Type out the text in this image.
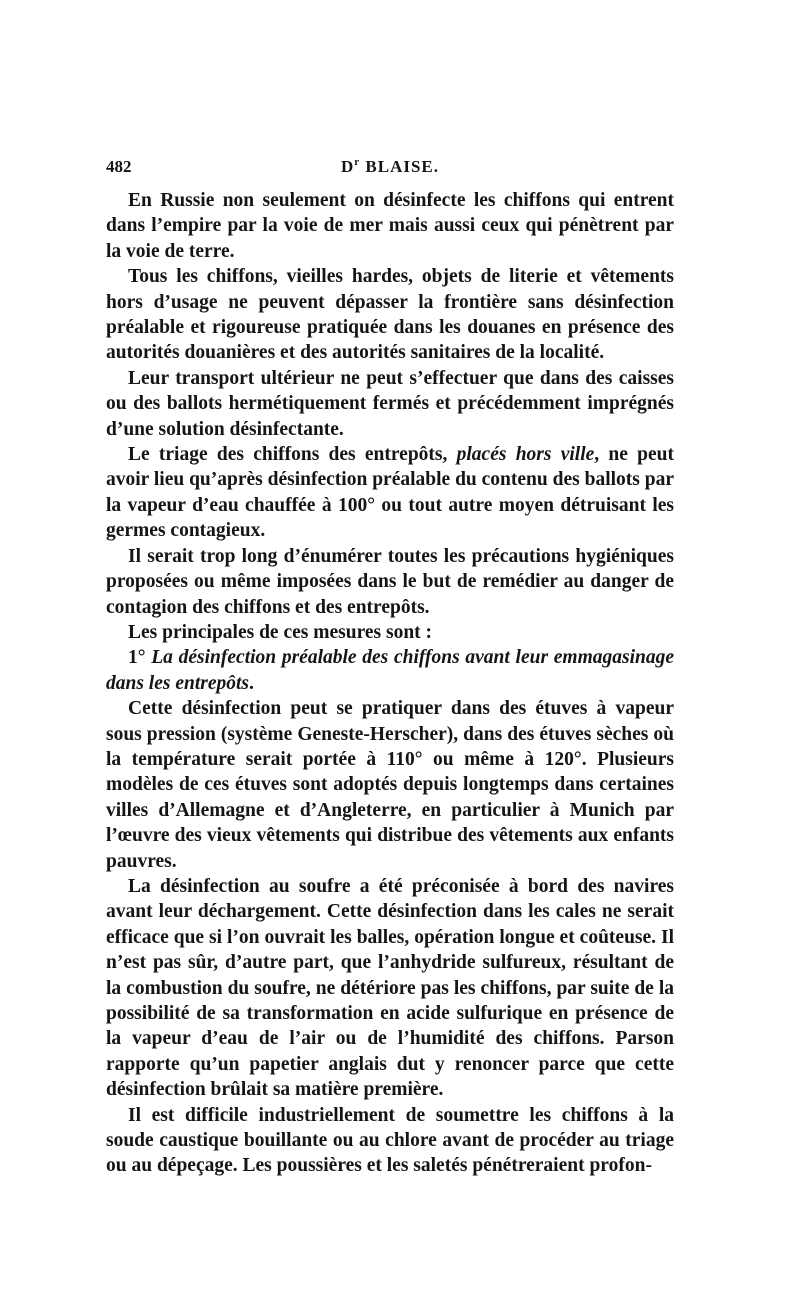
482	$D^r$ BLAISE.

En Russie non seulement on désinfecte les chiffons qui entrent dans l’empire par la voie de mer mais aussi ceux qui pénètrent par la voie de terre.

Tous les chiffons, vieilles hardes, objets de literie et vêtements hors d’usage ne peuvent dépasser la frontière sans désinfection préalable et rigoureuse pratiquée dans les douanes en présence des autorités douanières et des autorités sanitaires de la localité.

Leur transport ultérieur ne peut s’effectuer que dans des caisses ou des ballots hermétiquement fermés et précédemment imprégnés d’une solution désinfectante.

Le triage des chiffons des entrepôts, placés hors ville, ne peut avoir lieu qu’après désinfection préalable du contenu des ballots par la vapeur d’eau chauffée à 100° ou tout autre moyen détruisant les germes contagieux.

Il serait trop long d’énumérer toutes les précautions hygiéniques proposées ou même imposées dans le but de remédier au danger de contagion des chiffons et des entrepôts.

Les principales de ces mesures sont :

1° La désinfection préalable des chiffons avant leur emmagasinage dans les entrepôts.

Cette désinfection peut se pratiquer dans des étuves à vapeur sous pression (système Geneste-Herscher), dans des étuves sèches où la température serait portée à 110° ou même à 120°. Plusieurs modèles de ces étuves sont adoptés depuis longtemps dans certaines villes d’Allemagne et d’Angleterre, en particulier à Munich par l’œuvre des vieux vêtements qui distribue des vêtements aux enfants pauvres.

La désinfection au soufre a été préconisée à bord des navires avant leur déchargement. Cette désinfection dans les cales ne serait efficace que si l’on ouvrait les balles, opération longue et coûteuse. Il n’est pas sûr, d’autre part, que l’anhydride sulfureux, résultant de la combustion du soufre, ne détériore pas les chiffons, par suite de la possibilité de sa transformation en acide sulfurique en présence de la vapeur d’eau de l’air ou de l’humidité des chiffons. Parson rapporte qu’un papetier anglais dut y renoncer parce que cette désinfection brûlait sa matière première.

Il est difficile industriellement de soumettre les chiffons à la soude caustique bouillante ou au chlore avant de procéder au triage ou au dépeçage. Les poussières et les saletés pénétreraient profon-
